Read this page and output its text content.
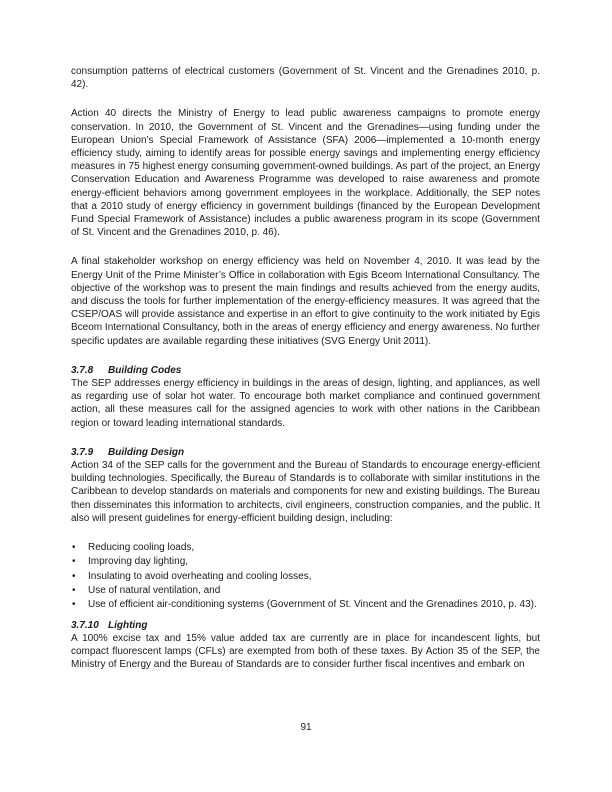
consumption patterns of electrical customers (Government of St. Vincent and the Grenadines 2010, p. 42).

Action 40 directs the Ministry of Energy to lead public awareness campaigns to promote energy conservation. In 2010, the Government of St. Vincent and the Grenadines—using funding under the European Union’s Special Framework of Assistance (SFA) 2006—implemented a 10-month energy efficiency study, aiming to identify areas for possible energy savings and implementing energy efficiency measures in 75 highest energy consuming government-owned buildings. As part of the project, an Energy Conservation Education and Awareness Programme was developed to raise awareness and promote energy-efficient behaviors among government employees in the workplace. Additionally, the SEP notes that a 2010 study of energy efficiency in government buildings (financed by the European Development Fund Special Framework of Assistance) includes a public awareness program in its scope (Government of St. Vincent and the Grenadines 2010, p. 46).

A final stakeholder workshop on energy efficiency was held on November 4, 2010. It was lead by the Energy Unit of the Prime Minister’s Office in collaboration with Egis Bceom International Consultancy. The objective of the workshop was to present the main findings and results achieved from the energy audits, and discuss the tools for further implementation of the energy-efficiency measures. It was agreed that the CSEP/OAS will provide assistance and expertise in an effort to give continuity to the work initiated by Egis Bceom International Consultancy, both in the areas of energy efficiency and energy awareness. No further specific updates are available regarding these initiatives (SVG Energy Unit 2011).

3.7.8 Building Codes

The SEP addresses energy efficiency in buildings in the areas of design, lighting, and appliances, as well as regarding use of solar hot water. To encourage both market compliance and continued government action, all these measures call for the assigned agencies to work with other nations in the Caribbean region or toward leading international standards.

3.7.9 Building Design

Action 34 of the SEP calls for the government and the Bureau of Standards to encourage energy-efficient building technologies. Specifically, the Bureau of Standards is to collaborate with similar institutions in the Caribbean to develop standards on materials and components for new and existing buildings. The Bureau then disseminates this information to architects, civil engineers, construction companies, and the public. It also will present guidelines for energy-efficient building design, including:

• Reducing cooling loads,
• Improving day lighting,
• Insulating to avoid overheating and cooling losses,
• Use of natural ventilation, and
• Use of efficient air-conditioning systems (Government of St. Vincent and the Grenadines 2010, p. 43).
3.7.10 Lighting

A 100% excise tax and 15% value added tax are currently are in place for incandescent lights, but compact fluorescent lamps (CFLs) are exempted from both of these taxes. By Action 35 of the SEP, the Ministry of Energy and the Bureau of Standards are to consider further fiscal incentives and embark on

91
